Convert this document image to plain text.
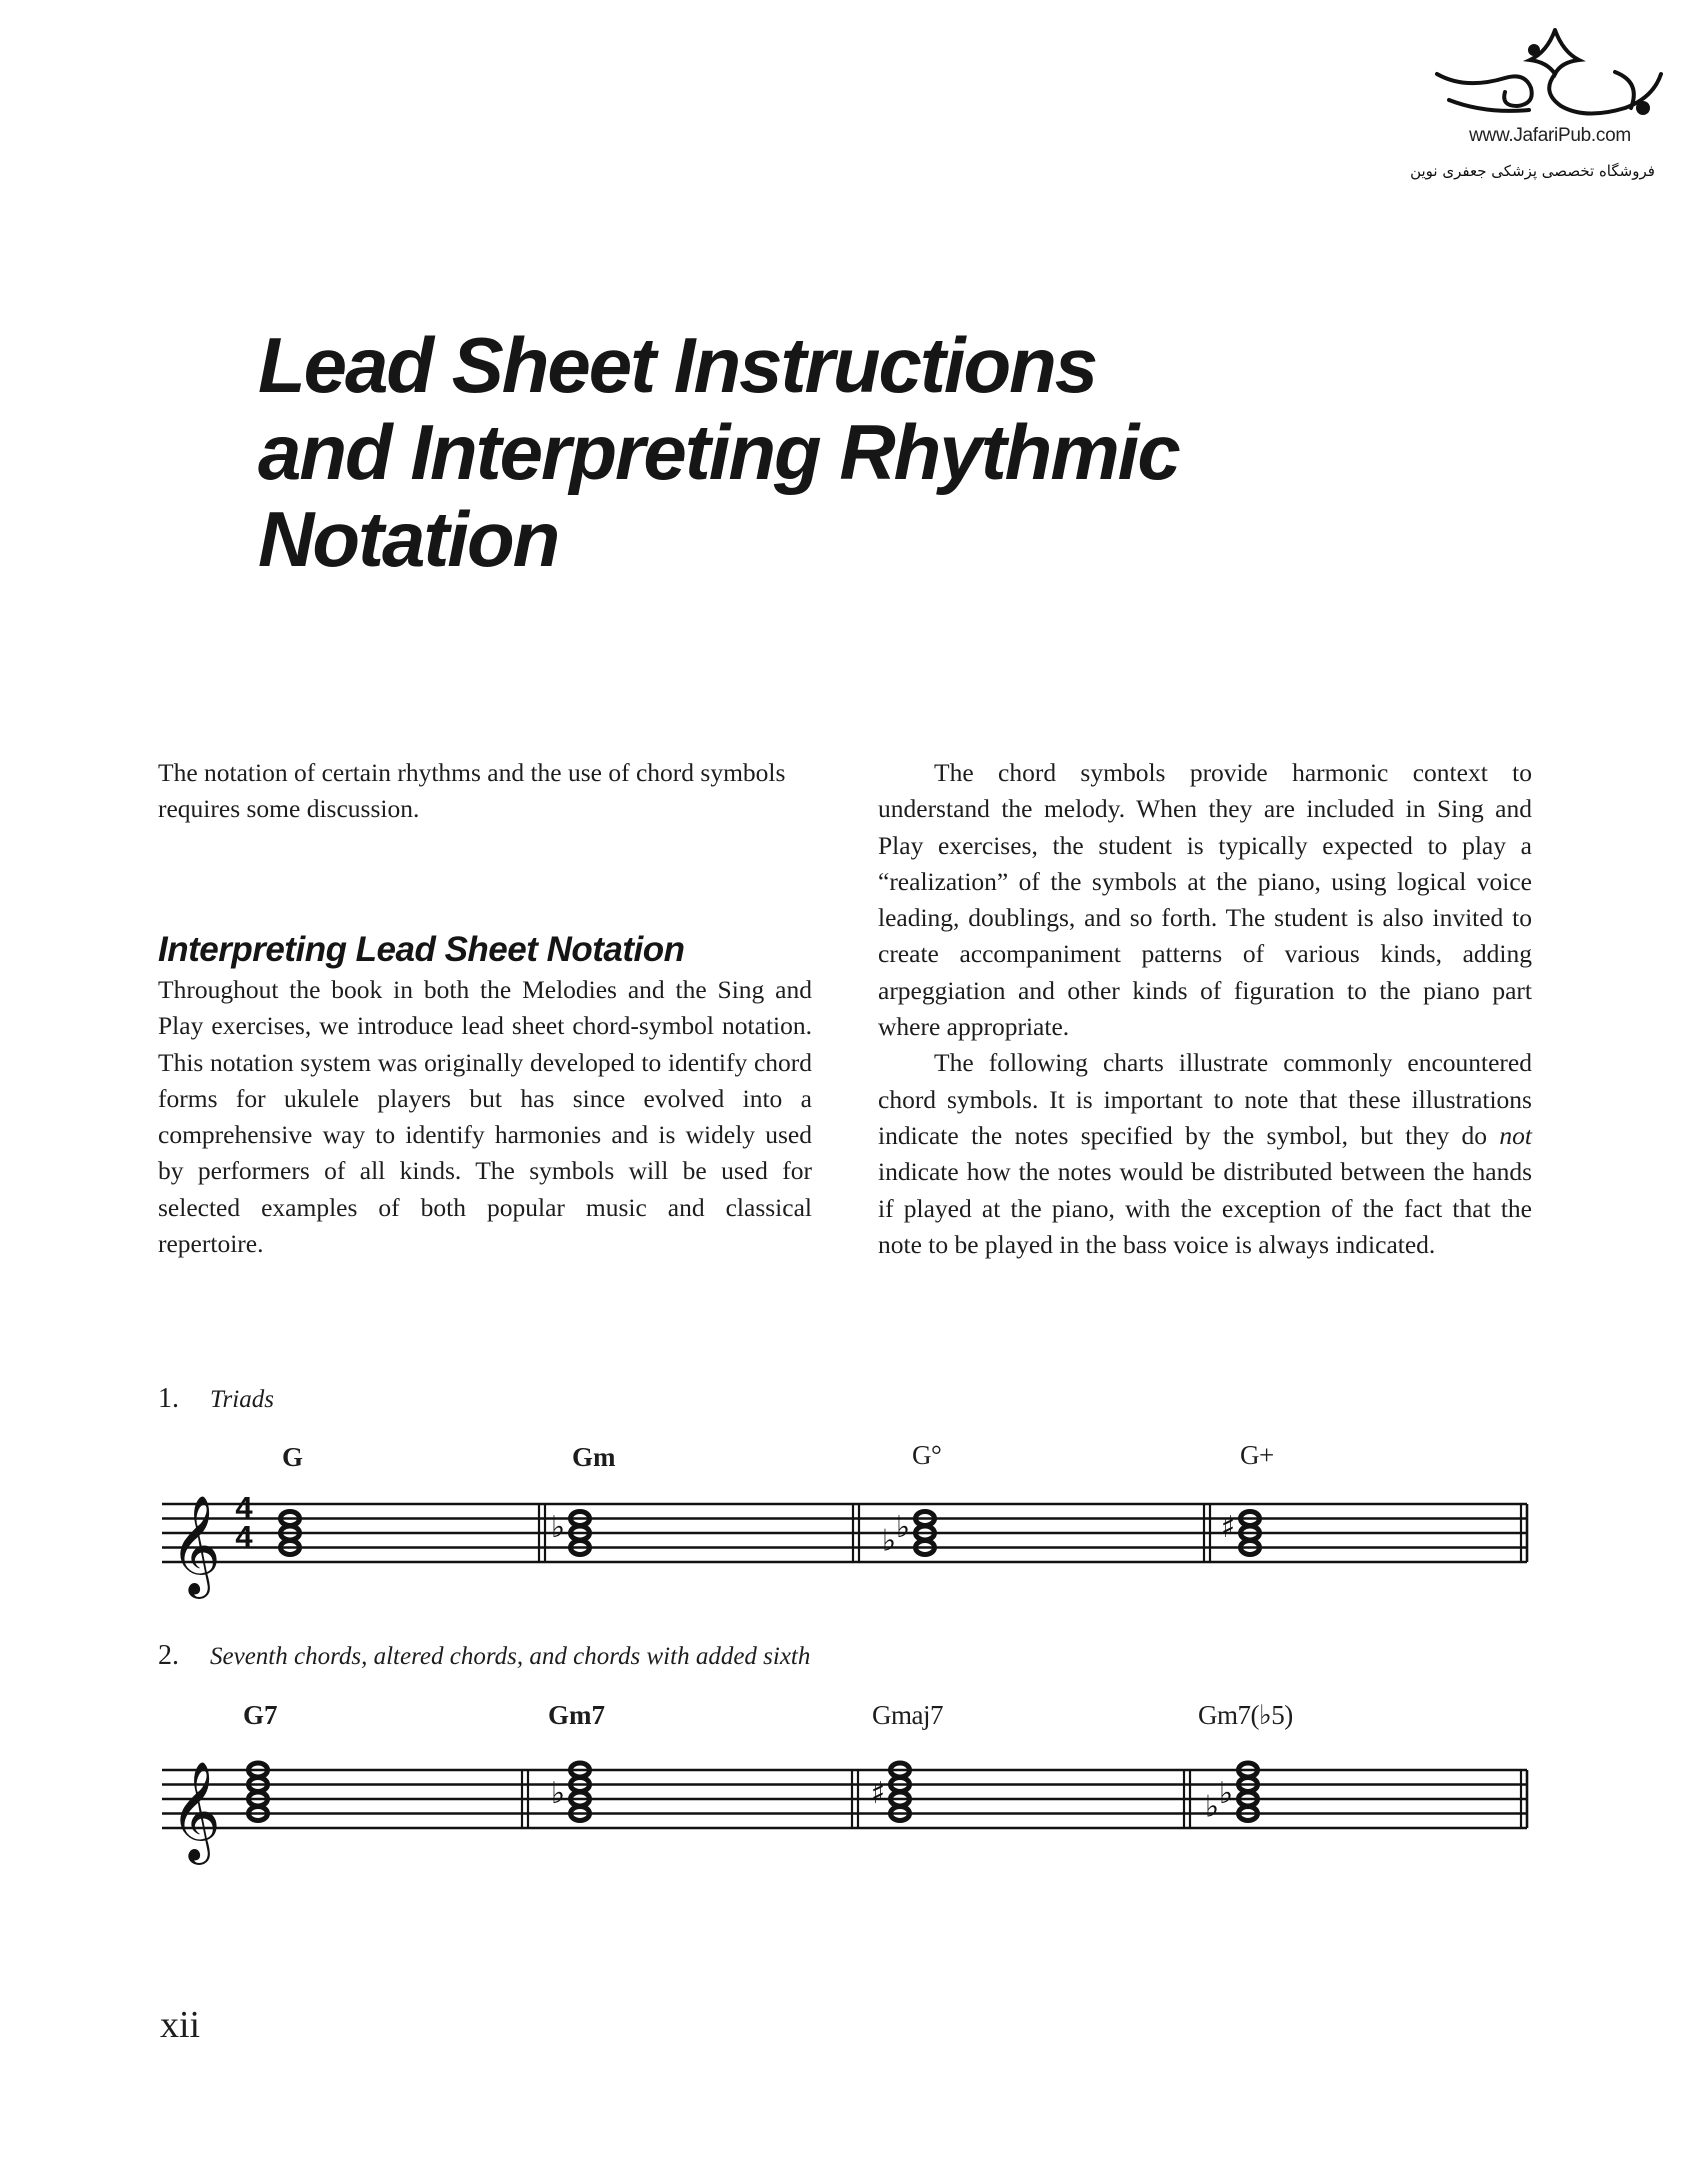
www.JafariPub.com
فروشگاه تخصصی پزشکی جعفری نوین
Lead Sheet Instructions
and Interpreting Rhythmic
Notation

The notation of certain rhythms and the use of chord symbols requires some discussion.

Interpreting Lead Sheet Notation

Throughout the book in both the Melodies and the Sing and Play exercises, we introduce lead sheet chord-symbol notation. This notation system was originally developed to identify chord forms for ukulele players but has since evolved into a comprehensive way to identify harmonies and is widely used by performers of all kinds. The symbols will be used for selected examples of both popular music and classical repertoire.

The chord symbols provide harmonic context to understand the melody. When they are included in Sing and Play exercises, the student is typically expected to play a “realization” of the symbols at the piano, using logical voice leading, doublings, and so forth. The student is also invited to create accompaniment patterns of various kinds, adding arpeggiation and other kinds of figuration to the piano part where appropriate.

The following charts illustrate commonly encountered chord symbols. It is important to note that these illustrations indicate the notes specified by the symbol, but they do not indicate how the notes would be distributed between the hands if played at the piano, with the exception of the fact that the note to be played in the bass voice is always indicated.

1. Triads
G	Gm	G°	G+
2. Seventh chords, altered chords, and chords with added sixth
G7	Gm7	Gmaj7	Gm7(♭5)
𝄞	♭	♭ ♭	♯
𝄞	♭	♯	♭ ♭
4
4
xii
